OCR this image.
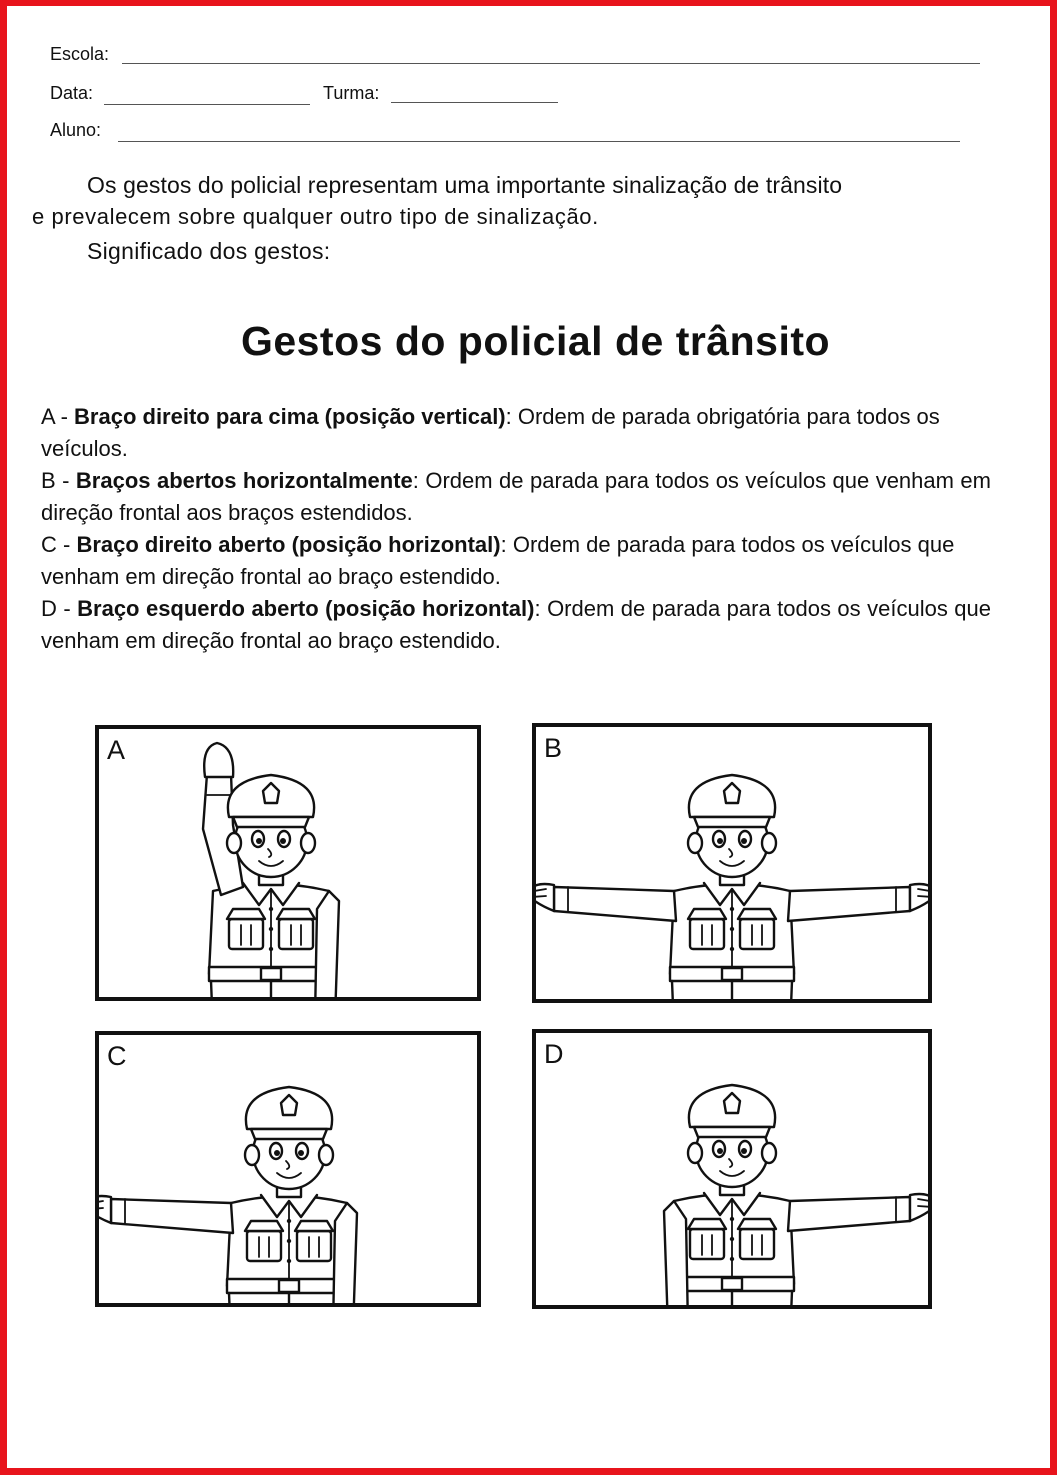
Escola:
Data:	Turma:
Aluno:
Os gestos do policial representam uma importante sinalização de trânsito
e prevalecem sobre qualquer outro tipo de sinalização.
Significado dos gestos:
Gestos do policial de trânsito
A - Braço direito para cima (posição vertical): Ordem de parada obrigatória para todos os veículos.
B - Braços abertos horizontalmente: Ordem de parada para todos os veículos que venham em direção frontal aos braços estendidos.
C - Braço direito aberto (posição horizontal): Ordem de parada para todos os veículos que venham em direção frontal ao braço estendido.
D - Braço esquerdo aberto (posição horizontal): Ordem de parada para todos os veículos que venham em direção frontal ao braço estendido.
A	B
C	D
